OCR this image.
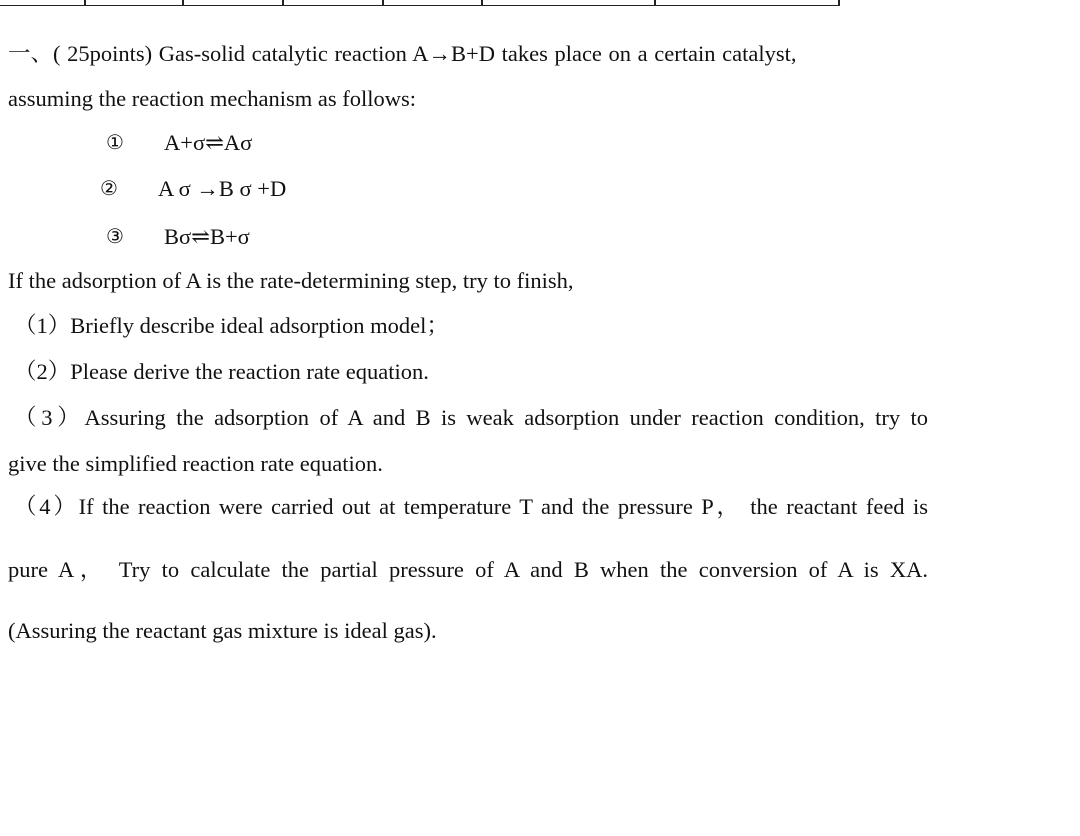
一、( 25points) Gas-solid catalytic reaction A→B+D takes place on a certain catalyst,
assuming the reaction mechanism as follows:
① A+σ⇌Aσ
② A σ →B σ +D
③ Bσ⇌B+σ
If the adsorption of A is the rate-determining step, try to finish,
（1）Briefly describe ideal adsorption model；
（2）Please derive the reaction rate equation.
（3）Assuring the adsorption of A and B is weak adsorption under reaction condition, try to
give the simplified reaction rate equation.
（4）If the reaction were carried out at temperature T and the pressure P， the reactant feed is
pure A， Try to calculate the partial pressure of A and B when the conversion of A is XA.
(Assuring the reactant gas mixture is ideal gas).
